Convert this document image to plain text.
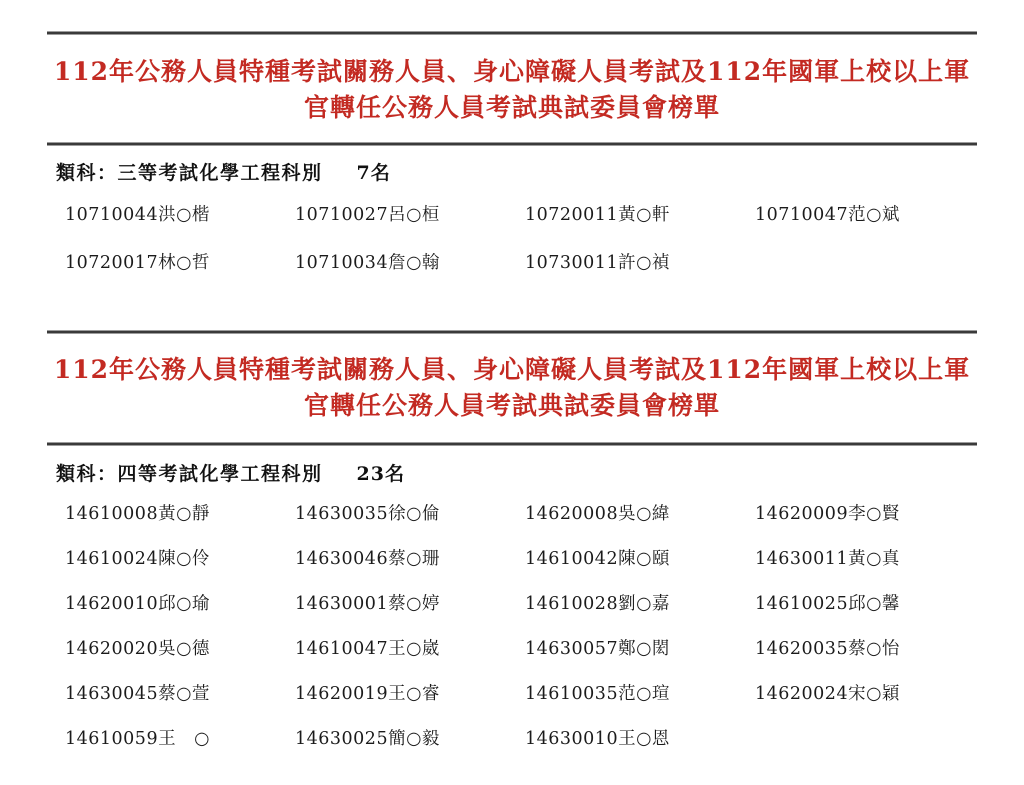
112年公務人員特種考試關務人員、身心障礙人員考試及112年國軍上校以上軍官轉任公務人員考試典試委員會榜單
類科：三等考試化學工程科別 7名
10710044洪○楷	10710027呂○桓	10720011黃○軒	10710047范○斌
10720017林○哲	10710034詹○翰	10730011許○禎
112年公務人員特種考試關務人員、身心障礙人員考試及112年國軍上校以上軍官轉任公務人員考試典試委員會榜單
類科：四等考試化學工程科別 23名
14610008黃○靜	14630035徐○倫	14620008吳○緯	14620009李○賢
14610024陳○伶	14630046蔡○珊	14610042陳○頤	14630011黃○真
14620010邱○瑜	14630001蔡○婷	14610028劉○嘉	14610025邱○馨
14620020吳○德	14610047王○崴	14630057鄭○閎	14620035蔡○怡
14630045蔡○萱	14620019王○睿	14610035范○瑄	14620024宋○穎
14610059王　○	14630025簡○毅	14630010王○恩
